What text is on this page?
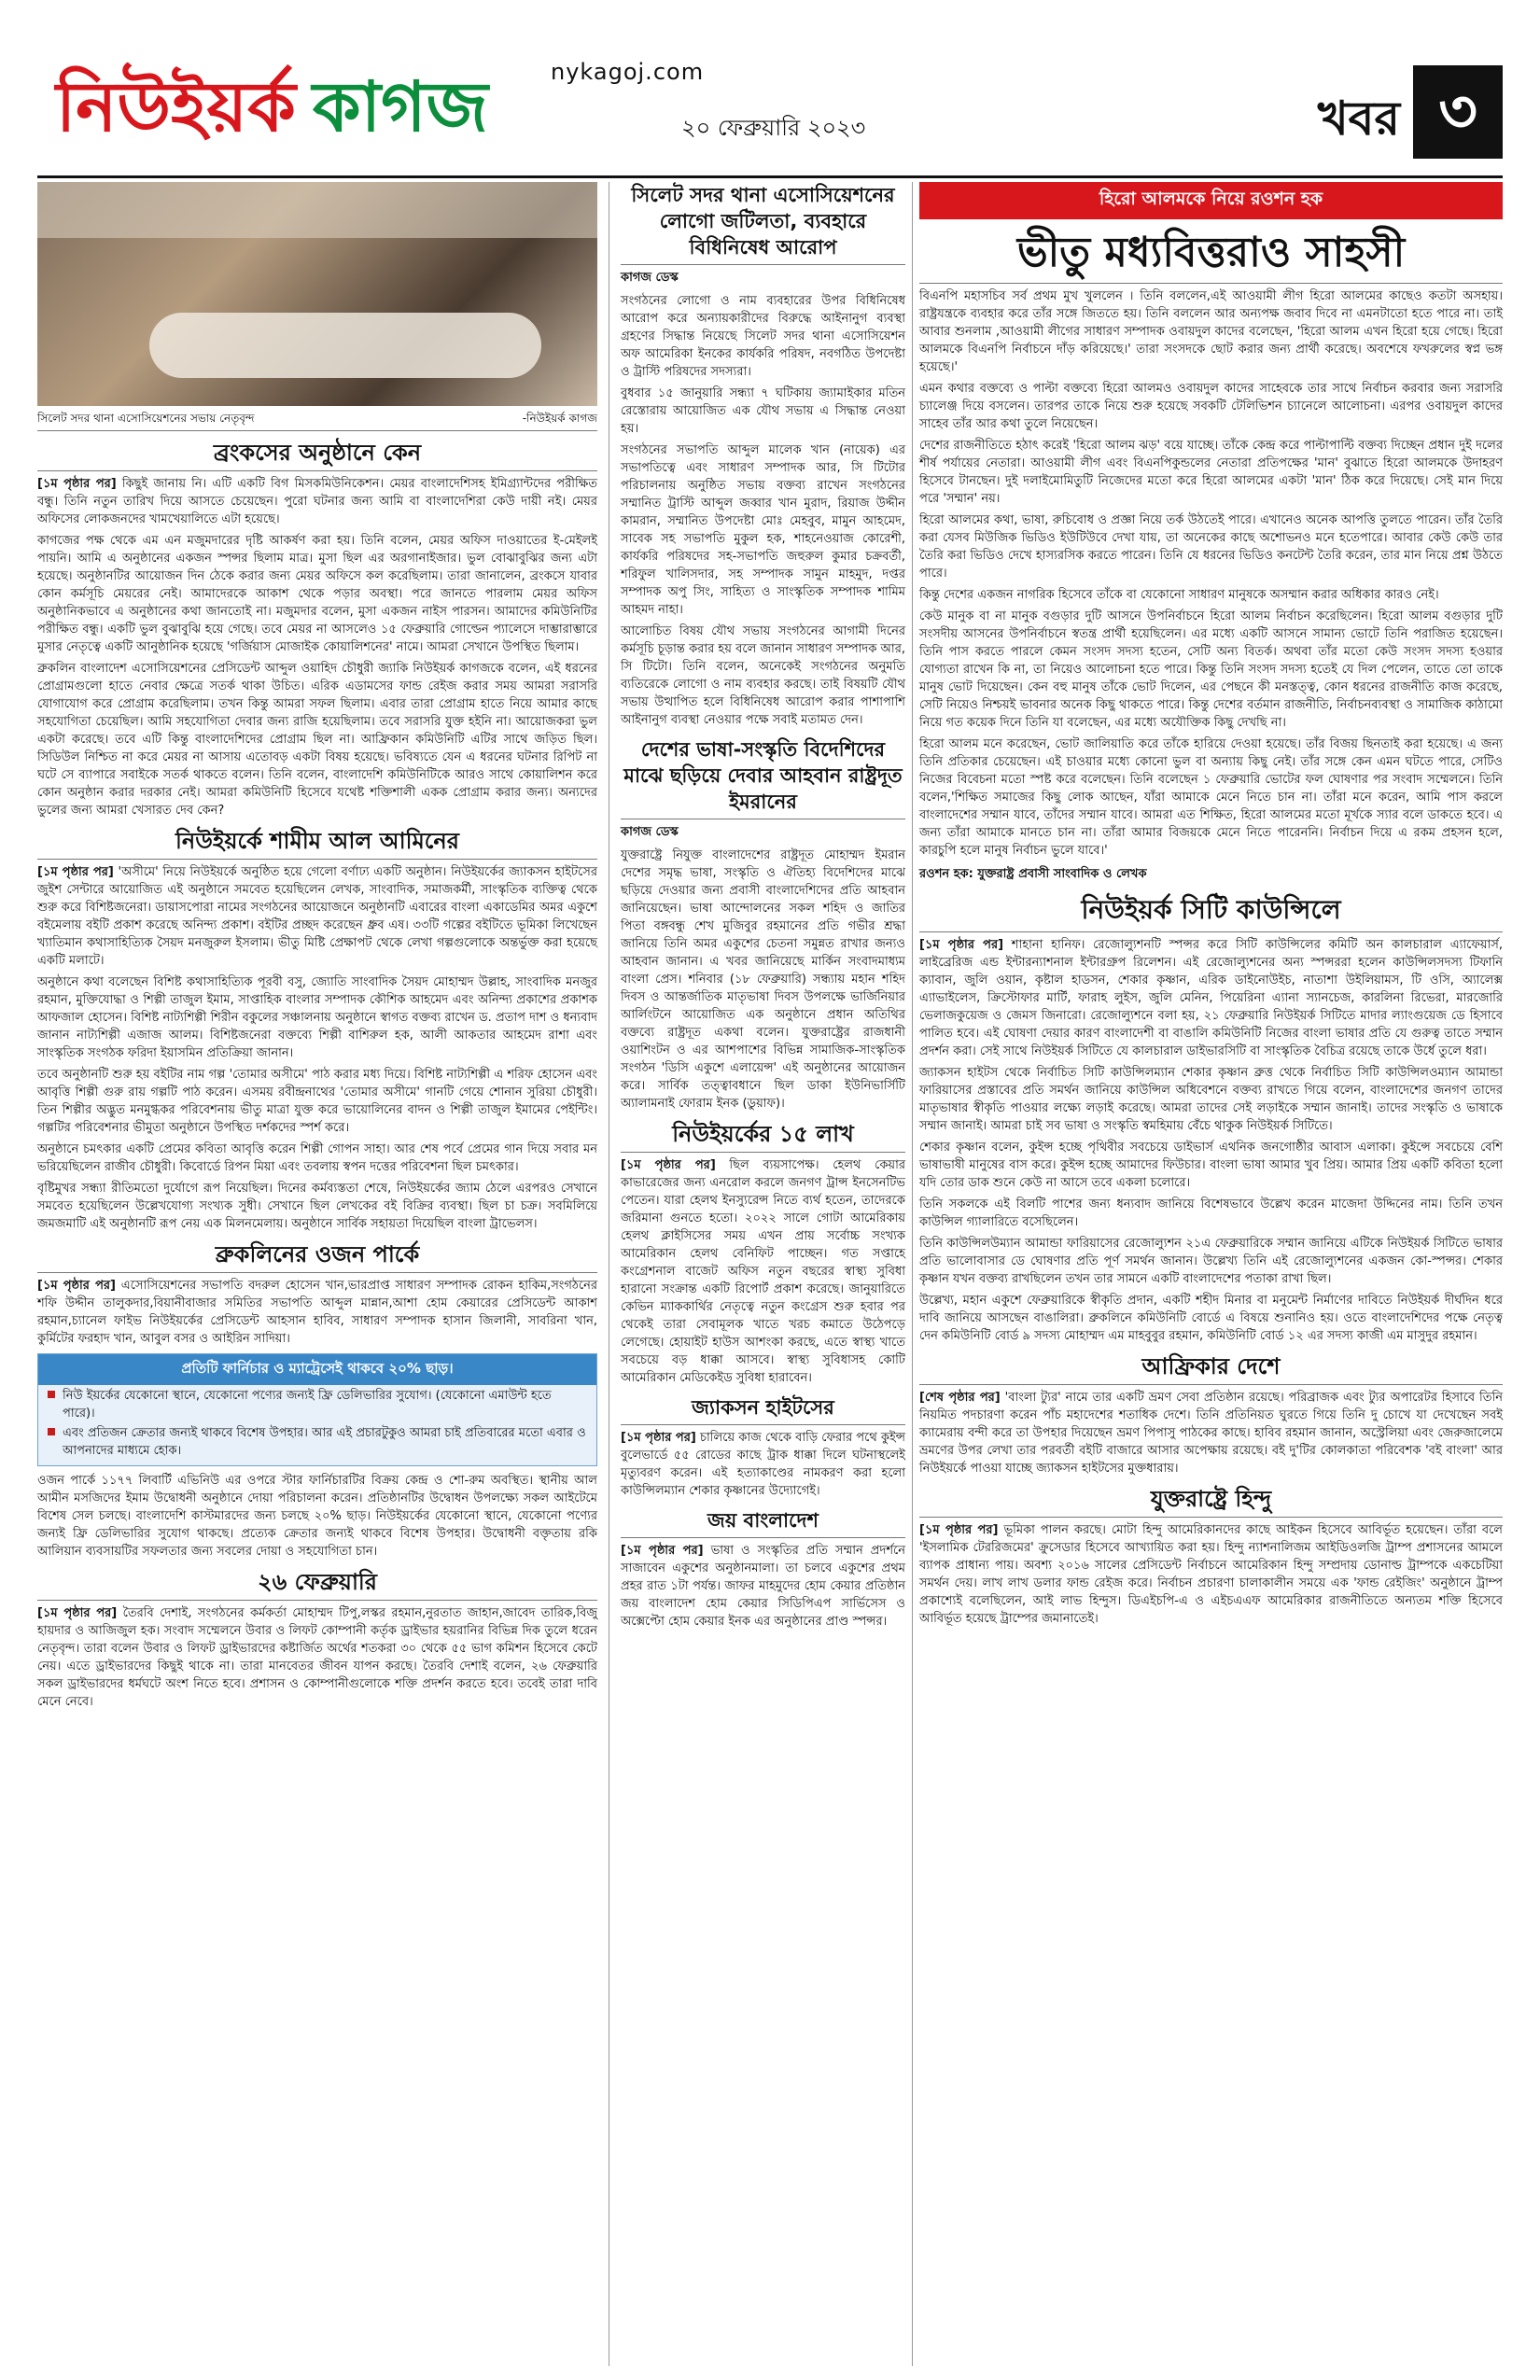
নিউইয়র্ক কাগজ	nykagoj.com
২০ ফেব্রুয়ারি ২০২৩	খবর ৩
সিলেট সদর থানা এসোসিয়েশনের সভায় নেতৃবৃন্দ	-নিউইয়র্ক কাগজ
ব্রংকসের অনুষ্ঠানে কেন

[১ম পৃষ্ঠার পর] কিছুই জানায় নি। এটি একটি বিগ মিসকমিউনিকেশন। মেয়র বাংলাদেশিসহ ইমিগ্র্যান্টদের পরীক্ষিত বন্ধু। তিনি নতুন তারিখ দিয়ে আসতে চেয়েছেন। পুরো ঘটনার জন্য আমি বা বাংলাদেশিরা কেউ দায়ী নই। মেয়র অফিসের লোকজনদের খামখেয়ালিতে এটা হয়েছে।

কাগজের পক্ষ থেকে এম এন মজুমদারের দৃষ্টি আকর্ষণ করা হয়। তিনি বলেন, মেয়র অফিস দাওয়াতের ই-মেইলই পায়নি। আমি এ অনুষ্ঠানের একজন স্পন্সর ছিলাম মাত্র। মুসা ছিল এর অরগানাইজার। ভুল বোঝাবুঝির জন্য এটা হয়েছে। অনুষ্ঠানটির আয়োজন দিন ঠেকে করার জন্য মেয়র অফিসে কল করেছিলাম। তারা জানালেন, ব্রংকসে যাবার কোন কর্মসূচি মেয়রের নেই। আমাদেরকে আকাশ থেকে পড়ার অবস্থা। পরে জানতে পারলাম মেয়র অফিস অনুষ্ঠানিকভাবে এ অনুষ্ঠানের কথা জানতোই না। মজুমদার বলেন, মুসা একজন নাইস পারসন। আমাদের কমিউনিটির পরীক্ষিত বন্ধু। একটি ভুল বুঝাবুঝি হয়ে গেছে। তবে মেয়র না আসলেও ১৫ ফেব্রুয়ারি গোল্ডেন প্যালেসে দাম্ভারাম্ভারে মুসার নেতৃত্বে একটি আনুষ্ঠানিক হয়েছে 'গর্জিয়াস মোজাইক কোয়ালিশনের' নামে। আমরা সেখানে উপস্থিত ছিলাম।

ব্রুকলিন বাংলাদেশ এসোসিয়েশনের প্রেসিডেন্ট আব্দুল ওয়াহিদ চৌধুরী জ্যাকি নিউইয়র্ক কাগজকে বলেন, এই ধরনের প্রোগ্রামগুলো হাতে নেবার ক্ষেত্রে সতর্ক থাকা উচিত। এরিক এডামসের ফান্ড রেইজ করার সময় আমরা সরাসরি যোগাযোগ করে প্রোগ্রাম করেছিলাম। তখন কিন্তু আমরা সফল ছিলাম। এবার তারা প্রোগ্রাম হাতে নিয়ে আমার কাছে সহযোগিতা চেয়েছিল। আমি সহযোগিতা দেবার জন্য রাজি হয়েছিলাম। তবে সরাসরি যুক্ত হইনি না। আয়োজকরা ভুল একটা করেছে। তবে এটি কিন্তু বাংলাদেশিদের প্রোগ্রাম ছিল না। আফ্রিকান কমিউনিটি এটির সাথে জড়িত ছিল। সিডিউল নিশ্চিত না করে মেয়র না আসায় এতোবড় একটা বিষয় হয়েছে। ভবিষ্যতে যেন এ ধরনের ঘটনার রিপিট না ঘটে সে ব্যাপারে সবাইকে সতর্ক থাকতে বলেন। তিনি বলেন, বাংলাদেশি কমিউনিটিকে আরও সাথে কোয়ালিশন করে কোন অনুষ্ঠান করার দরকার নেই। আমরা কমিউনিটি হিসেবে যথেষ্ট শক্তিশালী একক প্রোগ্রাম করার জন্য। অন্যদের ভুলের জন্য আমরা খেসারত দেব কেন?

নিউইয়র্কে শামীম আল আমিনের

[১ম পৃষ্ঠার পর] 'অসীমে' নিয়ে নিউইয়র্কে অনুষ্ঠিত হয়ে গেলো বর্ণাঢ্য একটি অনুষ্ঠান। নিউইয়র্কের জ্যাকসন হাইটসের জুইশ সেন্টারে আয়োজিত এই অনুষ্ঠানে সমবেত হয়েছিলেন লেখক, সাংবাদিক, সমাজকর্মী, সাংস্কৃতিক ব্যক্তিত্ব থেকে শুরু করে বিশিষ্টজনেরা। ডায়াসপোরা নামের সংগঠনের আয়োজনে অনুষ্ঠানটি এবারের বাংলা একাডেমির অমর একুশে বইমেলায় বইটি প্রকাশ করেছে অনিন্দ্য প্রকাশ। বইটির প্রচ্ছদ করেছেন ধ্রুব এষ। ৩৩টি গল্পের বইটিতে ভূমিকা লিখেছেন খ্যাতিমান কথাসাহিত্যিক সৈয়দ মনজুরুল ইসলাম। ভীতু মিষ্টি প্রেক্ষাপট থেকে লেখা গল্পগুলোকে অন্তর্ভুক্ত করা হয়েছে একটি মলাটে।

অনুষ্ঠানে কথা বলেছেন বিশিষ্ট কথাসাহিত্যিক পূরবী বসু, জ্যোতি সাংবাদিক সৈয়দ মোহাম্মদ উল্লাহ, সাংবাদিক মনজুর রহমান, মুক্তিযোদ্ধা ও শিল্পী তাজুল ইমাম, সাপ্তাহিক বাংলার সম্পাদক কৌশিক আহমেদ এবং অনিন্দ্য প্রকাশের প্রকাশক আফজাল হোসেন। বিশিষ্ট নাট্যশিল্পী শিরীন বকুলের সঞ্চালনায় অনুষ্ঠানে স্বাগত বক্তব্য রাখেন ড. প্রতাপ দাশ ও ধন্যবাদ জানান নাট্যশিল্পী এজাজ আলম। বিশিষ্টজনেরা বক্তব্যে শিল্পী বাশিরুল হক, আলী আকতার আহমেদ রাশা এবং সাংস্কৃতিক সংগঠক ফরিদা ইয়াসমিন প্রতিক্রিয়া জানান।

তবে অনুষ্ঠানটি শুরু হয় বইটির নাম গল্প 'তোমার অসীমে' পাঠ করার মধ্য দিয়ে। বিশিষ্ট নাট্যশিল্পী এ শরিফ হোসেন এবং আবৃত্তি শিল্পী গুরু রায় গল্পটি পাঠ করেন। এসময় রবীন্দ্রনাথের 'তোমার অসীমে' গানটি গেয়ে শোনান সুরিয়া চৌধুরী। তিন শিল্পীর অদ্ভুত মনমুগ্ধকর পরিবেশনায় ভীতু মাত্রা যুক্ত করে ভায়োলিনের বাদন ও শিল্পী তাজুল ইমামের পেইন্টিং। গল্পটির পরিবেশনার ভীমুতা অনুষ্ঠানে উপস্থিত দর্শকদের স্পর্শ করে।

অনুষ্ঠানে চমৎকার একটি প্রেমের কবিতা আবৃত্তি করেন শিল্পী গোপন সাহা। আর শেষ পর্বে প্রেমের গান দিয়ে সবার মন ভরিয়েছিলেন রাজীব চৌধুরী। কিবোর্ডে রিপন মিয়া এবং তবলায় স্বপন দত্তের পরিবেশনা ছিল চমৎকার।

বৃষ্টিমুখর সন্ধ্যা রীতিমতো দুর্যোগে রূপ নিয়েছিল। দিনের কর্মব্যস্ততা শেষে, নিউইয়র্কের জ্যাম ঠেলে এরপরও সেখানে সমবেত হয়েছিলেন উল্লেখযোগ্য সংখ্যক সুধী। সেখানে ছিল লেখকের বই বিক্রির ব্যবস্থা। ছিল চা চক্র। সবমিলিয়ে জমজমাটি এই অনুষ্ঠানটি রূপ নেয় এক মিলনমেলায়। অনুষ্ঠানে সার্বিক সহায়তা দিয়েছিল বাংলা ট্রাভেলস।

ব্রুকলিনের ওজন পার্কে

[১ম পৃষ্ঠার পর] এসোসিয়েশনের সভাপতি বদরুল হোসেন খান,ভারপ্রাপ্ত সাধারণ সম্পাদক রোকন হাকিম,সংগঠনের শফি উদ্দীন তালুকদার,বিয়ানীবাজার সমিতির সভাপতি আব্দুল মান্নান,আশা হোম কেয়ারের প্রেসিডেন্ট আকাশ রহমান,চ্যানেল ফাইভ নিউইয়র্কের প্রেসিডেন্ট আহসান হাবিব, সাধারণ সম্পাদক হাসান জিলানী, সাবরিনা খান, কুর্মিটের ফরহাদ খান, আবুল বসর ও আইরিন সাদিয়া।

প্রতিটি ফার্নিচার ও ম্যাট্রেসেই থাকবে ২০% ছাড়।
নিউ ইয়র্কের যেকোনো স্থানে, যেকোনো পণ্যের জন্যই ফ্রি ডেলিভারির সুযোগ। (যেকোনো এমাউন্ট হতে পারে)।
এবং প্রতিজন ক্রেতার জন্যই থাকবে বিশেষ উপহার। আর এই প্রচারটুকুও আমরা চাই প্রতিবারের মতো এবার ও আপনাদের মাধ্যমে হোক।

ওজন পার্কে ১১৭৭ লিবার্টি এভিনিউ এর ওপরে স্টার ফার্নিচারটির বিক্রয় কেন্দ্র ও শো-রুম অবস্থিত। স্থানীয় আল আমীন মসজিদের ইমাম উদ্বোধনী অনুষ্ঠানে দোয়া পরিচালনা করেন। প্রতিষ্ঠানটির উদ্বোধন উপলক্ষ্যে সকল আইটেমে বিশেষ সেল চলছে। বাংলাদেশি কাস্টমারদের জন্য চলছে ২০% ছাড়। নিউইয়র্কের যেকোনো স্থানে, যেকোনো পণ্যের জন্যই ফ্রি ডেলিভারির সুযোগ থাকছে। প্রত্যেক ক্রেতার জন্যই থাকবে বিশেষ উপহার। উদ্বোধনী বক্তৃতায় রকি আলিয়ান ব্যবসায়টির সফলতার জন্য সবলের দোয়া ও সহযোগিতা চান।

২৬ ফেব্রুয়ারি

[১ম পৃষ্ঠার পর] তৈরবি দেশাই, সংগঠনের কর্মকর্তা মোহাম্মদ টিপু,লস্কর রহমান,নুরতাত জাহান,জাবেদ তারিক,বিজু হায়দার ও আজিজুল হক। সংবাদ সম্মেলনে উবার ও লিফট কোম্পানী কর্তৃক ড্রাইভার হয়রানির বিভিন্ন দিক তুলে ধরেন নেতৃবৃন্দ। তারা বলেন উবার ও লিফট ড্রাইভারদের কষ্টার্জিত অর্থের শতকরা ৩০ থেকে ৫৫ ভাগ কমিশন হিসেবে কেটে নেয়। এতে ড্রাইভারদের কিছুই থাকে না। তারা মানবেতর জীবন যাপন করছে। তৈরবি দেশাই বলেন, ২৬ ফেব্রুয়ারি সকল ড্রাইভারদের ধর্মঘটে অংশ নিতে হবে। প্রশাসন ও কোম্পানীগুলোকে শক্তি প্রদর্শন করতে হবে। তবেই তারা দাবি মেনে নেবে।

সিলেট সদর থানা এসোসিয়েশনের লোগো জটিলতা, ব্যবহারে বিধিনিষেধ আরোপ
কাগজ ডেস্ক

সংগঠনের লোগো ও নাম ব্যবহারের উপর বিধিনিষেধ আরোপ করে অন্যায়কারীদের বিরুদ্ধে আইনানুগ ব্যবস্থা গ্রহণের সিদ্ধান্ত নিয়েছে সিলেট সদর থানা এসোসিয়েশন অফ আমেরিকা ইনকের কার্যকরি পরিষদ, নবগঠিত উপদেষ্টা ও ট্রাস্টি পরিষদের সদস্যরা।

বুধবার ১৫ জানুয়ারি সন্ধ্যা ৭ ঘটিকায় জ্যামাইকার মতিন রেস্তোরায় আয়োজিত এক যৌথ সভায় এ সিদ্ধান্ত নেওয়া হয়।

সংগঠনের সভাপতি আব্দুল মালেক খান (নায়েক) এর সভাপতিত্বে এবং সাধারণ সম্পাদক আর, সি টিটোর পরিচালনায় অনুষ্ঠিত সভায় বক্তব্য রাখেন সংগঠনের সম্মানিত ট্রাস্টি আব্দুল জব্বার খান মুরাদ, রিয়াজ উদ্দীন কামরান, সম্মানিত উপদেষ্টা মোঃ মেহবুব, মামুন আহমেদ, সাবেক সহ সভাপতি মুকুল হক, শাহনেওয়াজ কোরেশী, কার্যকরি পরিষদের সহ-সভাপতি জহুরুল কুমার চক্রবর্তী, শরিফুল খালিসদার, সহ সম্পাদক সামুন মাহমুদ, দপ্তর সম্পাদক অপু সিং, সাহিত্য ও সাংস্কৃতিক সম্পাদক শামিম আহমদ নাহা।

আলোচিত বিষয় যৌথ সভায় সংগঠনের আগামী দিনের কর্মসূচি চূড়ান্ত করার হয় বলে জানান সাধারণ সম্পাদক আর, সি টিটো। তিনি বলেন, অনেকেই সংগঠনের অনুমতি ব্যতিরেকে লোগো ও নাম ব্যবহার করছে। তাই বিষয়টি যৌথ সভায় উত্থাপিত হলে বিধিনিষেধ আরোপ করার পাশাপাশি আইনানুগ ব্যবস্থা নেওয়ার পক্ষে সবাই মতামত দেন।

দেশের ভাষা-সংস্কৃতি বিদেশিদের মাঝে ছড়িয়ে দেবার আহবান রাষ্ট্রদূত ইমরানের
কাগজ ডেস্ক

যুক্তরাষ্ট্রে নিযুক্ত বাংলাদেশের রাষ্ট্রদূত মোহাম্মদ ইমরান দেশের সমৃদ্ধ ভাষা, সংস্কৃতি ও ঐতিহ্য বিদেশিদের মাঝে ছড়িয়ে দেওয়ার জন্য প্রবাসী বাংলাদেশিদের প্রতি আহবান জানিয়েছেন। ভাষা আন্দোলনের সকল শহিদ ও জাতির পিতা বঙ্গবন্ধু শেখ মুজিবুর রহমানের প্রতি গভীর শ্রদ্ধা জানিয়ে তিনি অমর একুশের চেতনা সমুন্নত রাখার জন্যও আহবান জানান। এ খবর জানিয়েছে মার্কিন সংবাদমাধ্যম বাংলা প্রেস। শনিবার (১৮ ফেব্রুয়ারি) সন্ধ্যায় মহান শহিদ দিবস ও আন্তর্জাতিক মাতৃভাষা দিবস উপলক্ষে ভার্জিনিয়ার আর্লিংটনে আয়োজিত এক অনুষ্ঠানে প্রধান অতিথির বক্তব্যে রাষ্ট্রদূত একথা বলেন। যুক্তরাষ্ট্রের রাজধানী ওয়াশিংটন ও এর আশপাশের বিভিন্ন সামাজিক-সাংস্কৃতিক সংগঠন 'ডিসি একুশে এলায়েন্স' এই অনুষ্ঠানের আয়োজন করে। সার্বিক তত্ত্বাবধানে ছিল ডাকা ইউনিভার্সিটি অ্যালামনাই ফোরাম ইনক (ডুয়াফ)।

নিউইয়র্কের ১৫ লাখ

[১ম পৃষ্ঠার পর] ছিল ব্যয়সাপেক্ষ। হেলথ কেয়ার কাভারেজের জন্য এনরোল করলে জনগণ ট্রান্স ইনসেনটিভ পেতেন। যারা হেলথ ইনস্যুরেন্স নিতে ব্যর্থ হতেন, তাদেরকে জরিমানা গুনতে হতো। ২০২২ সালে গোটা আমেরিকায় হেলথ ক্লাইসিসের সময় এখন প্রায় সর্বোচ্চ সংখ্যক আমেরিকান হেলথ বেনিফিট পাচ্ছেন। গত সপ্তাহে কংগ্রেশনাল বাজেট অফিস নতুন বছরের স্বাস্থ্য সুবিধা হারানো সংক্রান্ত একটি রিপোর্ট প্রকাশ করেছে। জানুয়ারিতে কেভিন ম্যাককার্থির নেতৃত্বে নতুন কংগ্রেস শুরু হবার পর থেকেই তারা সেবামূলক খাতে খরচ কমাতে উঠেপড়ে লেগেছে। হোয়াইট হাউস আশংকা করছে, এতে স্বাস্থ্য খাতে সবচেয়ে বড় ধাক্কা আসবে। স্বাস্থ্য সুবিধাসহ কোটি আমেরিকান মেডিকেইড সুবিধা হারাবেন।

জ্যাকসন হাইটসের

[১ম পৃষ্ঠার পর] চালিয়ে কাজ থেকে বাড়ি ফেরার পথে কুইন্স বুলেভার্ডে ৫৫ রোডের কাছে ট্রাক ধাক্কা দিলে ঘটনাস্থলেই মৃত্যুবরণ করেন। এই হত্যাকাণ্ডের নামকরণ করা হলো কাউন্সিলম্যান শেকার কৃষ্ণানের উদ্যোগেই।

জয় বাংলাদেশ

[১ম পৃষ্ঠার পর] ভাষা ও সংস্কৃতির প্রতি সম্মান প্রদর্শনে সাজাবেন একুশের অনুষ্ঠানমালা। তা চলবে একুশের প্রথম প্রহর রাত ১টা পর্যন্ত। জাফর মাহমুদের হোম কেয়ার প্রতিষ্ঠান জয় বাংলাদেশ হোম কেয়ার সিডিপিএপ সার্ভিসেস ও অক্সেপ্টো হোম কেয়ার ইনক এর অনুষ্ঠানের প্রাণ্ড স্পন্সর।

হিরো আলমকে নিয়ে রওশন হক
ভীতু মধ্যবিত্তরাও সাহসী

বিএনপি মহাসচিব সর্ব প্রথম মুখ খুললেন । তিনি বললেন,এই আওয়ামী লীগ হিরো আলমের কাছেও কতটা অসহায়। রাষ্ট্রযন্ত্রকে ব্যবহার করে তাঁর সঙ্গে জিততে হয়। তিনি বললেন আর অন্যপক্ষ জবাব দিবে না এমনটাতো হতে পারে না। তাই আবার শুনলাম ,আওয়ামী লীগের সাধারণ সম্পাদক ওবায়দুল কাদের বলেছেন, 'হিরো আলম এখন হিরো হয়ে গেছে। হিরো আলমকে বিএনপি নির্বাচনে দাঁড় করিয়েছে।' তারা সংসদকে ছোট করার জন্য প্রার্থী করেছে। অবশেষে ফখরুলের স্বপ্ন ভঙ্গ হয়েছে।'

এমন কথার বক্তব্যে ও পাল্টা বক্তব্যে হিরো আলমও ওবায়দুল কাদের সাহেবকে তার সাথে নির্বাচন করবার জন্য সরাসরি চ্যালেঞ্জ দিয়ে বসলেন। তারপর তাকে নিয়ে শুরু হয়েছে সবকটি টেলিভিশন চ্যানেলে আলোচনা। এরপর ওবায়দুল কাদের সাহেব তাঁর আর কথা তুলে নিয়েছেন।

দেশের রাজনীতিতে হঠাৎ করেই 'হিরো আলম ঝড়' বয়ে যাচ্ছে। তাঁকে কেন্দ্র করে পাল্টাপাল্টি বক্তব্য দিচ্ছেন প্রধান দুই দলের শীর্ষ পর্যায়ের নেতারা। আওয়ামী লীগ এবং বিএনপিকুন্ডলের নেতারা প্রতিপক্ষের 'মান' বুঝাতে হিরো আলমকে উদাহরণ হিসেবে টানছেন। দুই দলাইমোমিতুটি নিজেদের মতো করে হিরো আলমের একটা 'মান' ঠিক করে দিয়েছে। সেই মান দিয়ে পরে 'সম্মান' নয়।

হিরো আলমের কথা, ভাষা, রুচিবোধ ও প্রজ্ঞা নিয়ে তর্ক উঠতেই পারে। এখানেও অনেক আপত্তি তুলতে পারেন। তাঁর তৈরি করা যেসব মিউজিক ভিডিও ইউটিউবে দেখা যায়, তা অনেকের কাছে অশোভনও মনে হতেপারে। আবার কেউ কেউ তার তৈরি করা ভিডিও দেখে হাস্যরসিক করতে পারেন। তিনি যে ধরনের ভিডিও কনটেন্ট তৈরি করেন, তার মান নিয়ে প্রশ্ন উঠতে পারে।

কিন্তু দেশের একজন নাগরিক হিসেবে তাঁকে বা যেকোনো সাধারণ মানুষকে অসম্মান করার অধিকার কারও নেই।

কেউ মানুক বা না মানুক বগুড়ার দুটি আসনে উপনির্বাচনে হিরো আলম নির্বাচন করেছিলেন। হিরো আলম বগুড়ার দুটি সংসদীয় আসনের উপনির্বাচনে স্বতন্ত্র প্রার্থী হয়েছিলেন। এর মধ্যে একটি আসনে সামান্য ভোটে তিনি পরাজিত হয়েছেন। তিনি পাস করতে পারলে কেমন সংসদ সদস্য হতেন, সেটি অন্য বিতর্ক। অথবা তাঁর মতো কেউ সংসদ সদস্য হওয়ার যোগ্যতা রাখেন কি না, তা নিয়েও আলোচনা হতে পারে। কিন্তু তিনি সংসদ সদস্য হতেই যে দিল পেলেন, তাতে তো তাকে মানুষ ভোট দিয়েছেন। কেন বহু মানুষ তাঁকে ভোট দিলেন, এর পেছনে কী মনস্তত্ত্ব, কোন ধরনের রাজনীতি কাজ করেছে, সেটি নিয়েও নিশ্চয়ই ভাবনার অনেক কিছু থাকতে পারে। কিন্তু দেশের বর্তমান রাজনীতি, নির্বাচনব্যবস্থা ও সামাজিক কাঠামো নিয়ে গত কয়েক দিনে তিনি যা বলেছেন, এর মধ্যে অযৌক্তিক কিছু দেখছি না।

হিরো আলম মনে করেছেন, ভোট জালিয়াতি করে তাঁকে হারিয়ে দেওয়া হয়েছে। তাঁর বিজয় ছিনতাই করা হয়েছে। এ জন্য তিনি প্রতিকার চেয়েছেন। এই চাওয়ার মধ্যে কোনো ভুল বা অন্যায় কিছু নেই। তাঁর সঙ্গে কেন এমন ঘটতে পারে, সেটিও নিজের বিবেচনা মতো স্পষ্ট করে বলেছেন। তিনি বলেছেন ১ ফেব্রুয়ারি ভোটের ফল ঘোষণার পর সংবাদ সম্মেলনে। তিনি বলেন,'শিক্ষিত সমাজের কিছু লোক আছেন, যাঁরা আমাকে মেনে নিতে চান না। তাঁরা মনে করেন, আমি পাস করলে বাংলাদেশের সম্মান যাবে, তাঁদের সম্মান যাবে। আমরা এত শিক্ষিত, হিরো আলমের মতো মূর্খকে স্যার বলে ডাকতে হবে। এ জন্য তাঁরা আমাকে মানতে চান না। তাঁরা আমার বিজয়কে মেনে নিতে পারেননি। নির্বাচন দিয়ে এ রকম প্রহসন হলে, কারচুপি হলে মানুষ নির্বাচন ভুলে যাবে।'

রওশন হক: যুক্তরাষ্ট্র প্রবাসী সাংবাদিক ও লেখক
নিউইয়র্ক সিটি কাউন্সিলে

[১ম পৃষ্ঠার পর] শাহানা হানিফ। রেজোল্যুশনটি স্পন্সর করে সিটি কাউন্সিলের কমিটি অন কালচারাল এ্যাফেয়ার্স, লাইব্রেরিজ এন্ড ইন্টারন্যাশনাল ইন্টারগ্রুপ রিলেশন। এই রেজোল্যুশনের অন্য স্পন্সররা হলেন কাউন্সিলসদস্য টিফানি ক্যাবান, জুলি ওয়ান, কৃষ্টাল হাডসন, শেকার কৃষ্ণান, এরিক ডাইনোউইচ, নাতাশা উইলিয়ামস, টি ওসি, অ্যালেক্স এ্যাভাইলেস, ক্রিস্টোফার মার্টি, ফারাহ লুইস, জুলি মেনিন, পিয়েরিনা এ্যানা স্যানচেজ, কারলিনা রিভেরা, মারজোরি ভেলাজকুয়েজ ও জেমস জিনারো। রেজোল্যুশনে বলা হয়, ২১ ফেব্রুয়ারি নিউইয়র্ক সিটিতে মাদার ল্যাংগুয়েজ ডে হিসাবে পালিত হবে। এই ঘোষণা দেয়ার কারণ বাংলাদেশী বা বাঙালি কমিউনিটি নিজের বাংলা ভাষার প্রতি যে গুরুত্ব তাতে সম্মান প্রদর্শন করা। সেই সাথে নিউইয়র্ক সিটিতে যে কালচারাল ডাইভারসিটি বা সাংস্কৃতিক বৈচিত্র রয়েছে তাকে উর্ধে তুলে ধরা।

জ্যাকসন হাইটস থেকে নির্বাচিত সিটি কাউন্সিলম্যান শেকার কৃষ্ণান ব্রুত্ত থেকে নির্বাচিত সিটি কাউন্সিলওম্যান আমান্ডা ফারিয়াসের প্রস্তাবের প্রতি সমর্থন জানিয়ে কাউন্সিল অধিবেশনে বক্তব্য রাখতে গিয়ে বলেন, বাংলাদেশের জনগণ তাদের মাতৃভাষার স্বীকৃতি পাওয়ার লক্ষ্যে লড়াই করেছে। আমরা তাদের সেই লড়াইকে সম্মান জানাই। তাদের সংস্কৃতি ও ভাষাকে সম্মান জানাই। আমরা চাই সব ভাষা ও সংস্কৃতি স্বমহিমায় বেঁচে থাকুক নিউইয়র্ক সিটিতে।

শেকার কৃষ্ণান বলেন, কুইন্স হচ্ছে পৃথিবীর সবচেয়ে ডাইভার্স এথনিক জনগোষ্ঠীর আবাস এলাকা। কুইন্সে সবচেয়ে বেশি ভাষাভাষী মানুষের বাস করে। কুইন্স হচ্ছে আমাদের ফিউচার। বাংলা ভাষা আমার খুব প্রিয়। আমার প্রিয় একটি কবিতা হলো যদি তোর ডাক শুনে কেউ না আসে তবে একলা চলোরে।

তিনি সকলকে এই বিলটি পাশের জন্য ধন্যবাদ জানিয়ে বিশেষভাবে উল্লেখ করেন মাজেদা উদ্দিনের নাম। তিনি তখন কাউন্সিল গ্যালারিতে বসেছিলেন।

তিনি কাউন্সিলউম্যান আমান্ডা ফারিয়াসের রেজোল্যুশন ২১এ ফেব্রুয়ারিকে সম্মান জানিয়ে এটিকে নিউইয়র্ক সিটিতে ভাষার প্রতি ভালোবাসার ডে ঘোষণার প্রতি পূর্ণ সমর্থন জানান। উল্লেখ্য তিনি এই রেজোল্যুশনের একজন কো-স্পন্সর। শেকার কৃষ্ণান যখন বক্তব্য রাখছিলেন তখন তার সামনে একটি বাংলাদেশের পতাকা রাখা ছিল।

উল্লেখ্য, মহান একুশে ফেব্রুয়ারিকে স্বীকৃতি প্রদান, একটি শহীদ মিনার বা মনুমেন্ট নির্মাণের দাবিতে নিউইয়র্ক দীর্ঘদিন ধরে দাবি জানিয়ে আসছেন বাঙালিরা। ব্রুকলিনে কমিউনিটি বোর্ডে এ বিষয়ে শুনানিও হয়। ওতে বাংলাদেশিদের পক্ষে নেতৃত্ব দেন কমিউনিটি বোর্ড ৯ সদস্য মোহাম্মদ এম মাহবুবুর রহমান, কমিউনিটি বোর্ড ১২ এর সদস্য কাজী এম মাসুদুর রহমান।

আফ্রিকার দেশে

[শেষ পৃষ্ঠার পর] 'বাংলা ট্যুর' নামে তার একটি ভ্রমণ সেবা প্রতিষ্ঠান রয়েছে। পরিব্রাজক এবং ট্যুর অপারেটর হিসাবে তিনি নিয়মিত পদচারণা করেন পাঁচ মহাদেশের শতাধিক দেশে। তিনি প্রতিনিয়ত ঘুরতে গিয়ে তিনি দু চোখে যা দেখেছেন সবই ক্যামেরায় বন্দী করে তা উপহার দিয়েছেন ভ্রমণ পিপাসু পাঠকের কাছে। হাবিব রহমান জানান, অস্ট্রেলিয়া এবং জেরুজালেমে ভ্রমণের উপর লেখা তার পরবর্তী বইটি বাজারে আসার অপেক্ষায় রয়েছে। বই দু'টির কোলকাতা পরিবেশক 'বই বাংলা' আর নিউইয়র্কে পাওয়া যাচ্ছে জ্যাকসন হাইটসের মুক্তধারায়।

যুক্তরাষ্ট্রে হিন্দু

[১ম পৃষ্ঠার পর] ভূমিকা পালন করছে। মোটা হিন্দু আমেরিকানদের কাছে আইকন হিসেবে আবির্ভূত হয়েছেন। তাঁরা বলে 'ইসলামিক টেররিজমের' ক্রুসেডার হিসেবে আখ্যায়িত করা হয়। হিন্দু ন্যাশনালিজম আইডিওলজি ট্রাম্প প্রশাসনের আমলে ব্যাপক প্রাধান্য পায়। অবশ্য ২০১৬ সালের প্রেসিডেন্ট নির্বাচনে আমেরিকান হিন্দু সম্প্রদায় ডোনাল্ড ট্রাম্পকে একচেটিয়া সমর্থন দেয়। লাখ লাখ ডলার ফান্ড রেইজ করে। নির্বাচন প্রচারণা চালাকালীন সময়ে এক 'ফান্ড রেইজিং' অনুষ্ঠানে ট্রাম্প প্রকাশ্যেই বলেছিলেন, আই লাভ হিন্দুস। ডিএইচপি-এ ও এইচএএফ আমেরিকার রাজনীতিতে অন্যতম শক্তি হিসেবে আবির্ভূত হয়েছে ট্রাম্পের জমানাতেই।
